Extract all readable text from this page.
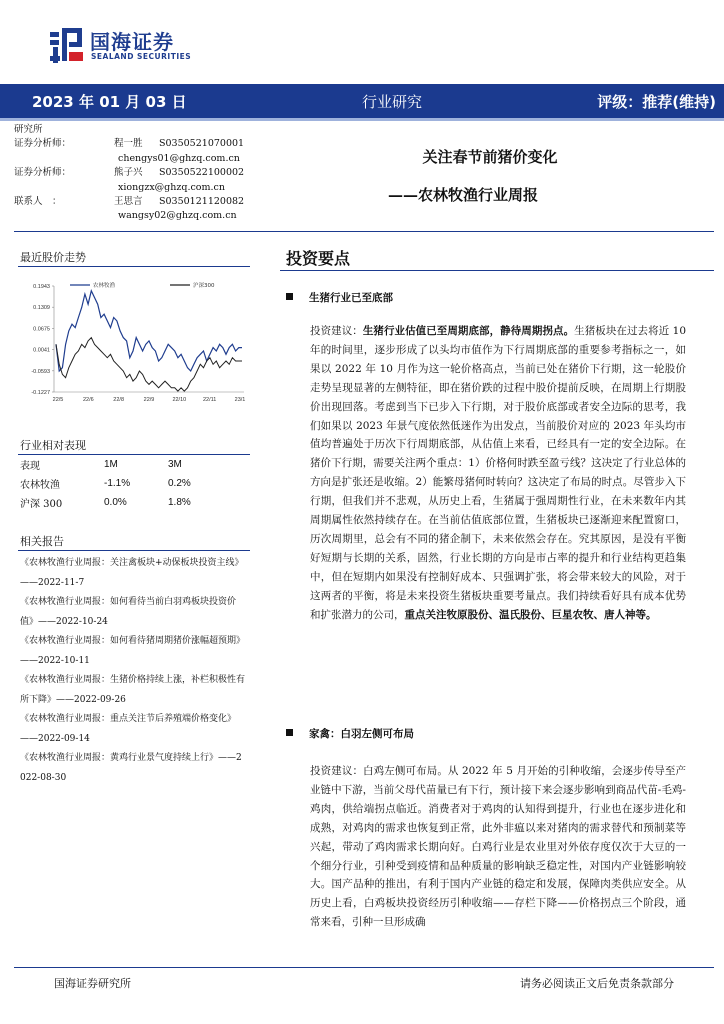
国海证券
SEALAND SECURITIES
2023 年 01 月 03 日	行业研究	评级：推荐(维持)
研究所
证券分析师：	程一胜	S0350521070001
chengys01@ghzq.com.cn
证券分析师：	熊子兴	S0350522100002
xiongzx@ghzq.com.cn
联系人　：	王思言	S0350121120082
wangsy02@ghzq.com.cn
关注春节前猪价变化
——农林牧渔行业周报
最近股价走势
0.1943
0.1309
0.0675
0.0041
-0.0593
-0.1227
22/5	22/6	22/8	22/9	22/10	22/11	23/1
农林牧渔	沪深300
行业相对表现
表现	1M	3M
农林牧渔	-1.1%	0.2%
沪深 300	0.0%	1.8%
相关报告

《农林牧渔行业周报：关注禽板块+动保板块投资主线》——2022-11-7

《农林牧渔行业周报：如何看待当前白羽鸡板块投资价值》——2022-10-24

《农林牧渔行业周报：如何看待猪周期猪价涨幅超预期》——2022-10-11

《农林牧渔行业周报：生猪价格持续上涨，补栏积极性有所下降》——2022-09-26

《农林牧渔行业周报：重点关注节后养殖端价格变化》——2022-09-14

《农林牧渔行业周报：黄鸡行业景气度持续上行》——2022-08-30

投资要点
生猪行业已至底部
投资建议：生猪行业估值已至周期底部，静待周期拐点。生猪板块在过去将近 10 年的时间里，逐步形成了以头均市值作为下行周期底部的重要参考指标之一，如果以 2022 年 10 月作为这一轮价格高点，当前已处在猪价下行期，这一轮股价走势呈现显著的左侧特征，即在猪价跌的过程中股价提前反映，在周期上行期股价出现回落。考虑到当下已步入下行期，对于股价底部或者安全边际的思考，我们如果以 2023 年景气度依然低迷作为出发点，当前股价对应的 2023 年头均市值均普遍处于历次下行周期底部，从估值上来看，已经具有一定的安全边际。在猪价下行期，需要关注两个重点：1）价格何时跌至盈亏线？这决定了行业总体的方向是扩张还是收缩。2）能繁母猪何时转向？这决定了布局的时点。尽管步入下行期，但我们并不悲观，从历史上看，生猪属于强周期性行业，在未来数年内其周期属性依然持续存在。在当前估值底部位置，生猪板块已逐渐迎来配置窗口，历次周期里，总会有不同的猪企制下，未来依然会存在。究其原因，是没有平衡好短期与长期的关系，固然，行业长期的方向是市占率的提升和行业结构更趋集中，但在短期内如果没有控制好成本、只强调扩张，将会带来较大的风险，对于这两者的平衡，将是未来投资生猪板块重要考量点。我们持续看好具有成本优势和扩张潜力的公司，重点关注牧原股份、温氏股份、巨星农牧、唐人神等。
家禽：白羽左侧可布局
投资建议：白鸡左侧可布局。从 2022 年 5 月开始的引种收缩，会逐步传导至产业链中下游，当前父母代苗量已有下行，预计接下来会逐步影响到商品代苗-毛鸡-鸡肉，供给端拐点临近。消费者对于鸡肉的认知得到提升，行业也在逐步进化和成熟，对鸡肉的需求也恢复到正常，此外非瘟以来对猪肉的需求替代和预制菜等兴起，带动了鸡肉需求长期向好。白鸡行业是农业里对外依存度仅次于大豆的一个细分行业，引种受到疫情和品种质量的影响缺乏稳定性，对国内产业链影响较大。国产品种的推出，有利于国内产业链的稳定和发展，保障肉类供应安全。从历史上看，白鸡板块投资经历引种收缩——存栏下降——价格拐点三个阶段，通常来看，引种一旦形成确
国海证券研究所	请务必阅读正文后免责条款部分
